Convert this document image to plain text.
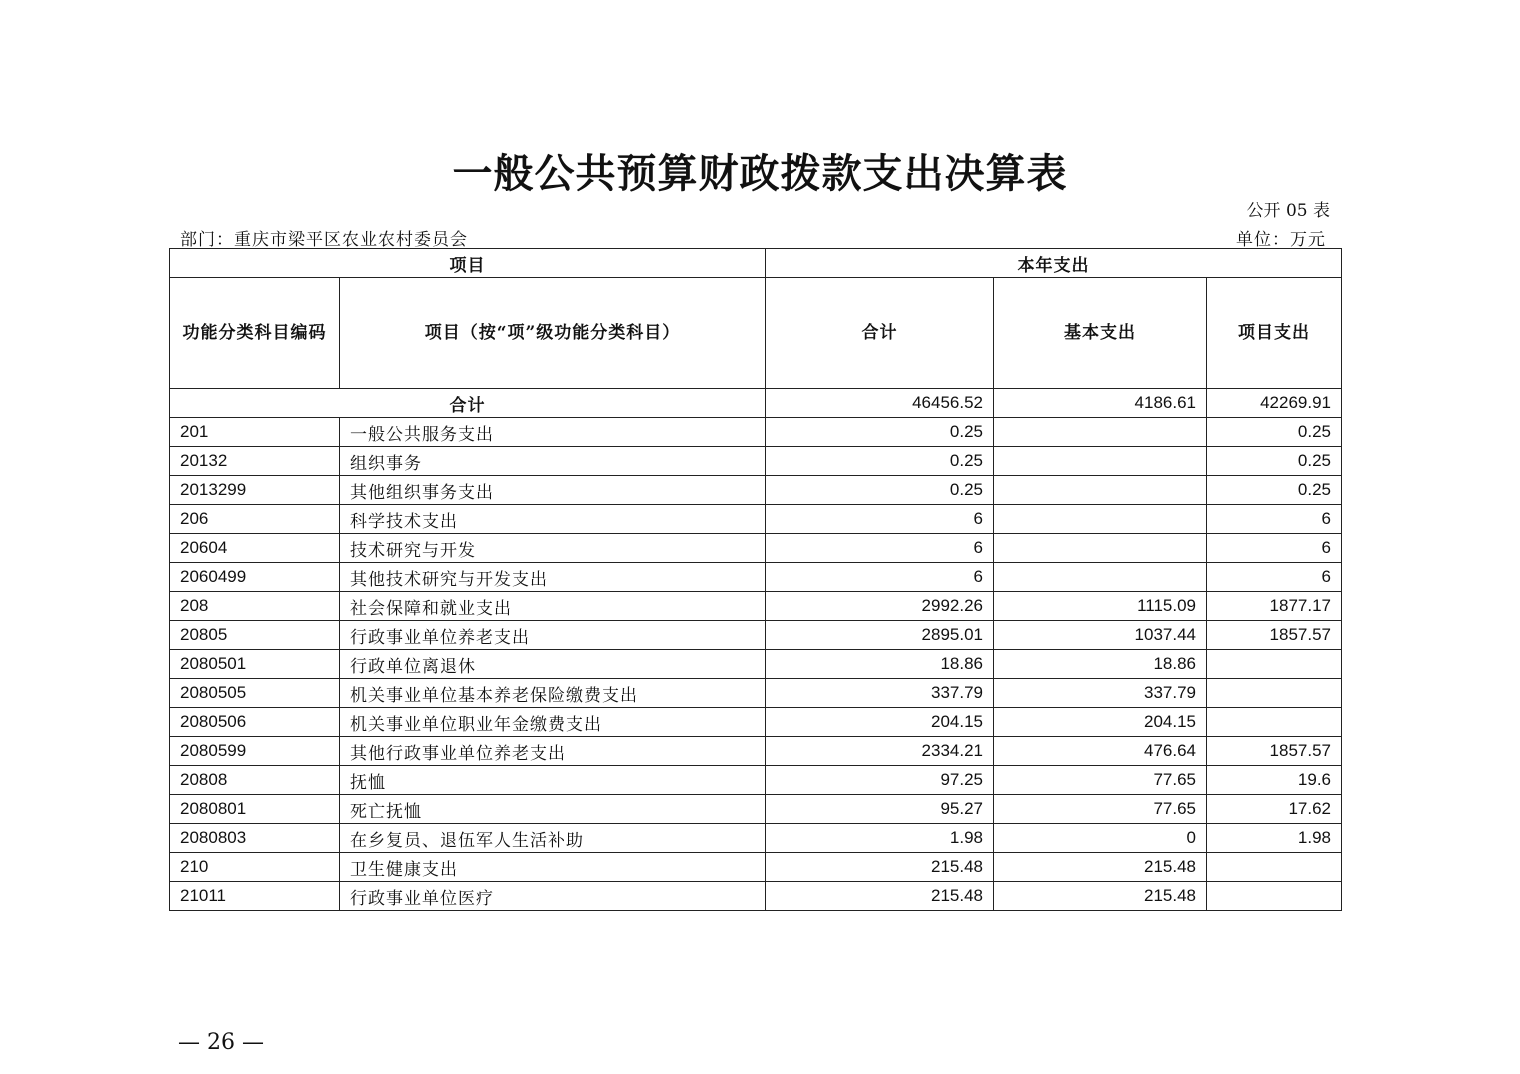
一般公共预算财政拨款支出决算表
公开 05 表
部门：重庆市梁平区农业农村委员会	单位：万元
项目		本年支出		
功能分类科目编码	项目（按“项”级功能分类科目）	合计	基本支出	项目支出
合计		46456.52	4186.61	42269.91
201	一般公共服务支出	0.25		0.25
20132	组织事务	0.25		0.25
2013299	其他组织事务支出	0.25		0.25
206	科学技术支出	6		6
20604	技术研究与开发	6		6
2060499	其他技术研究与开发支出	6		6
208	社会保障和就业支出	2992.26	1115.09	1877.17
20805	行政事业单位养老支出	2895.01	1037.44	1857.57
2080501	行政单位离退休	18.86	18.86	
2080505	机关事业单位基本养老保险缴费支出	337.79	337.79	
2080506	机关事业单位职业年金缴费支出	204.15	204.15	
2080599	其他行政事业单位养老支出	2334.21	476.64	1857.57
20808	抚恤	97.25	77.65	19.6
2080801	死亡抚恤	95.27	77.65	17.62
2080803	在乡复员、退伍军人生活补助	1.98	0	1.98
210	卫生健康支出	215.48	215.48	
21011	行政事业单位医疗	215.48	215.48	
— 26 —
